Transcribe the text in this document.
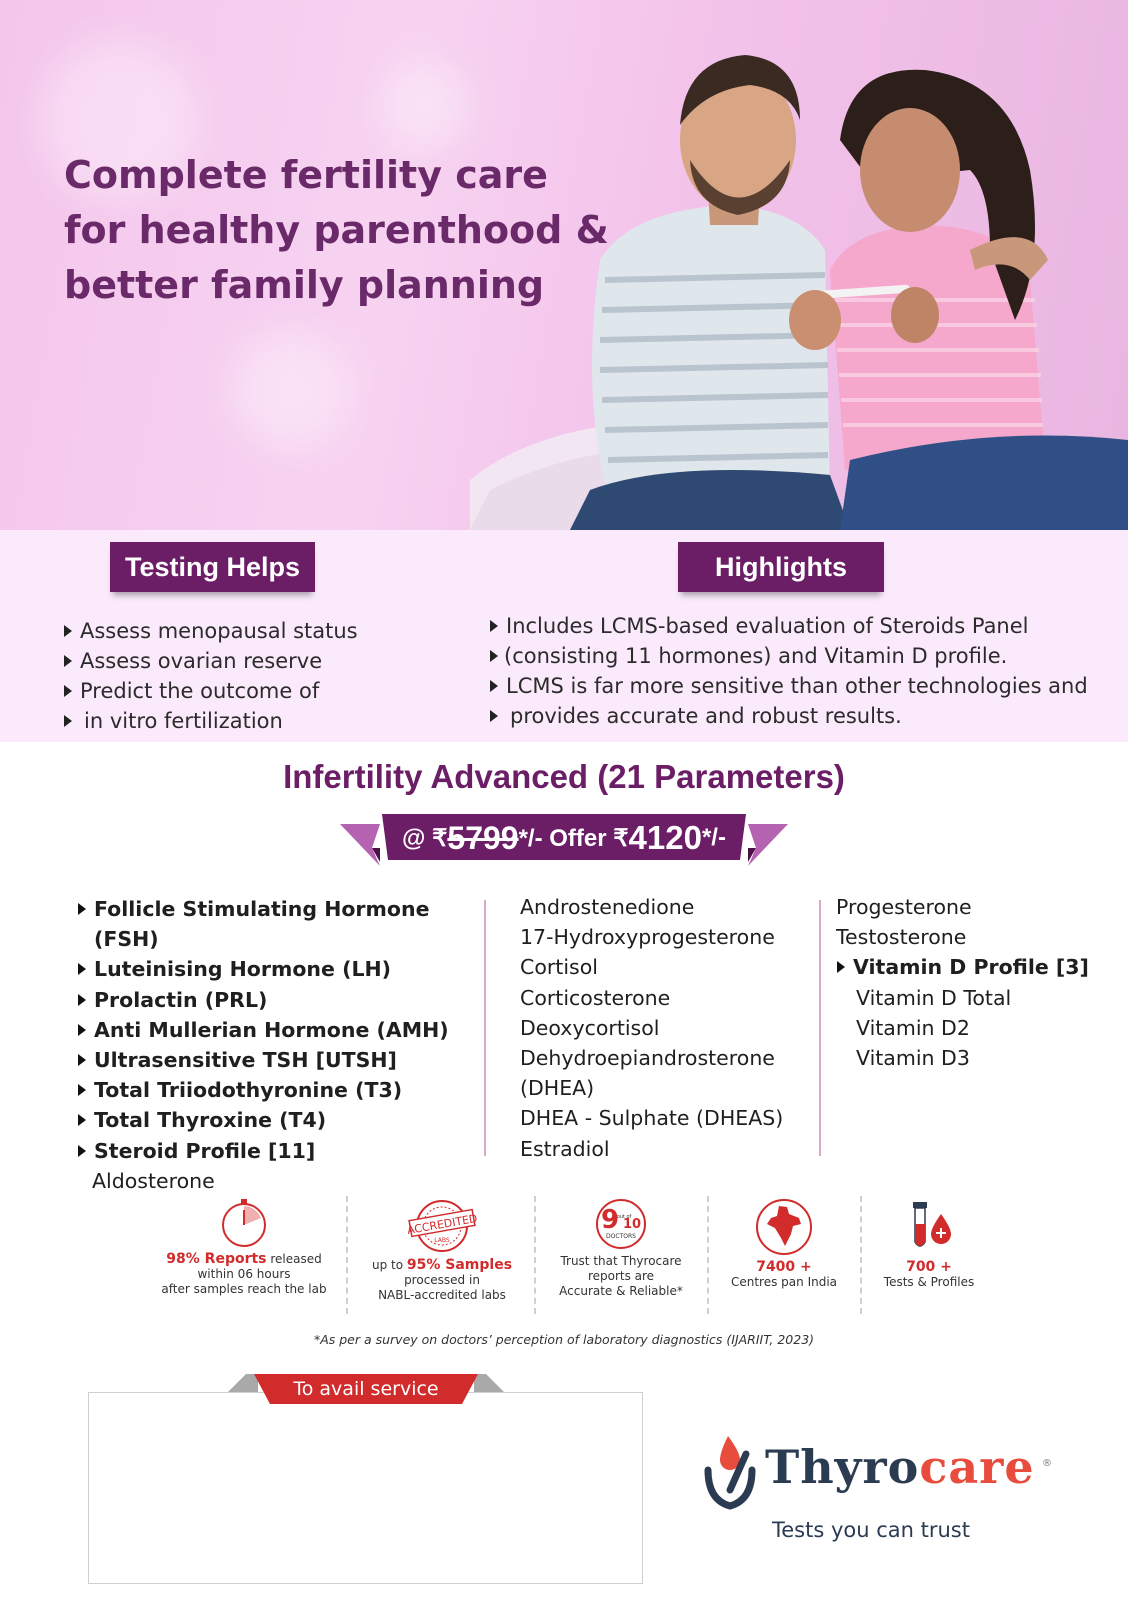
Complete fertility care
for healthy parenthood &
better family planning
Testing Helps	Highlights
Assess menopausal status
Assess ovarian reserve
Predict the outcome of
in vitro fertilization
Includes LCMS-based evaluation of Steroids Panel
(consisting 11 hormones) and Vitamin D profile.
LCMS is far more sensitive than other technologies and
provides accurate and robust results.
Infertility Advanced (21 Parameters)
@ ₹ 5799 */- Offer ₹ 4120 */-
Follicle Stimulating Hormone (FSH)
Luteinising Hormone (LH)
Prolactin (PRL)
Anti Mullerian Hormone (AMH)
Ultrasensitive TSH [UTSH]
Total Triiodothyronine (T3)
Total Thyroxine (T4)
Steroid Profile [11]
Aldosterone
Androstenedione
17-Hydroxyprogesterone
Cortisol
Corticosterone
Deoxycortisol
Dehydroepiandrosterone
(DHEA)
DHEA - Sulphate (DHEAS)
Estradiol
Progesterone
Testosterone
Vitamin D Profile [3]
Vitamin D Total
Vitamin D2
Vitamin D3
98% Reports released
within 06 hours
after samples reach the lab
ACCREDITED
LABS
up to 95% Samples
processed in
NABL-accredited labs
9
out of
10
DOCTORS
Trust that Thyrocare
reports are
Accurate & Reliable*
7400 +
Centres pan India
700 +
Tests & Profiles
*As per a survey on doctors’ perception of laboratory diagnostics (IJARIIT, 2023)
To avail service
Thyrocare ®
Tests you can trust
